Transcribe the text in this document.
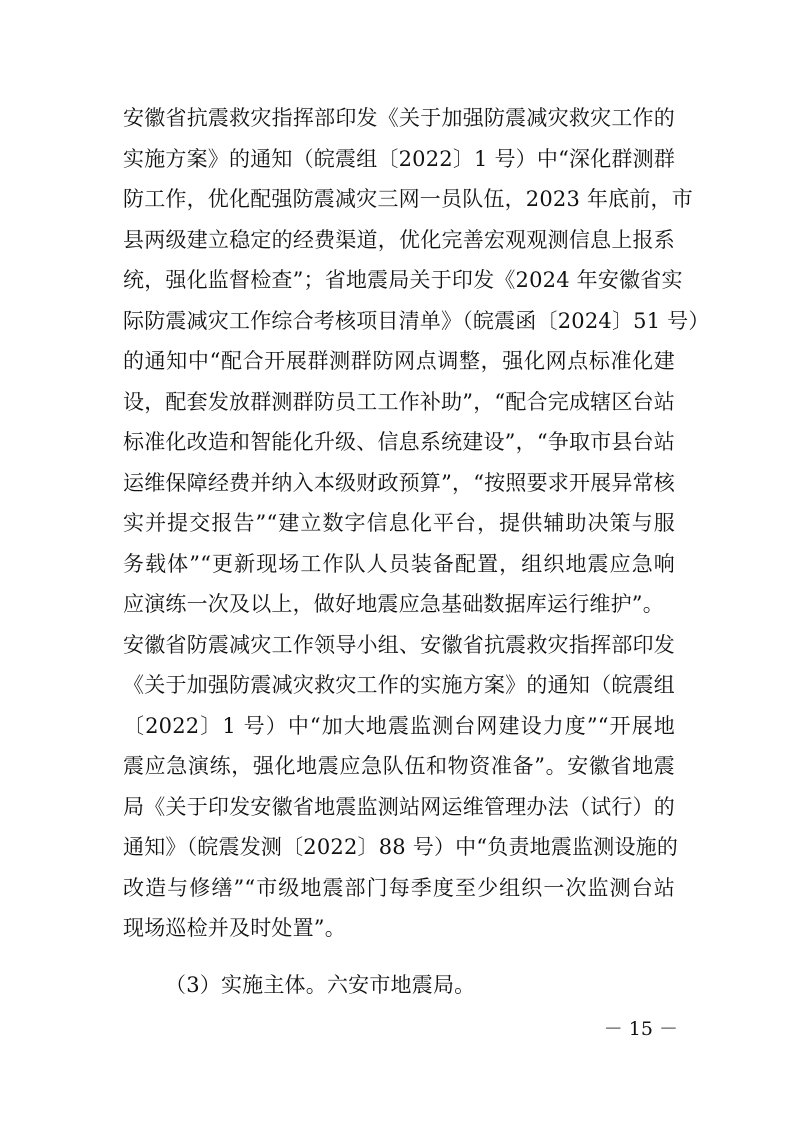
安徽省抗震救灾指挥部印发《关于加强防震减灾救灾工作的
实施方案》的通知（皖震组〔2022〕1 号）中“深化群测群
防工作，优化配强防震减灾三网一员队伍，2023 年底前，市
县两级建立稳定的经费渠道，优化完善宏观观测信息上报系
统，强化监督检查”；省地震局关于印发《2024 年安徽省实
际防震减灾工作综合考核项目清单》（皖震函〔2024〕51 号）
的通知中“配合开展群测群防网点调整，强化网点标准化建
设，配套发放群测群防员工工作补助”，“配合完成辖区台站
标准化改造和智能化升级、信息系统建设”，“争取市县台站
运维保障经费并纳入本级财政预算”，“按照要求开展异常核
实并提交报告”“建立数字信息化平台，提供辅助决策与服
务载体”“更新现场工作队人员装备配置，组织地震应急响
应演练一次及以上，做好地震应急基础数据库运行维护”。
安徽省防震减灾工作领导小组、安徽省抗震救灾指挥部印发
《关于加强防震减灾救灾工作的实施方案》的通知（皖震组
〔2022〕1 号）中“加大地震监测台网建设力度”“开展地
震应急演练，强化地震应急队伍和物资准备”。安徽省地震
局《关于印发安徽省地震监测站网运维管理办法（试行）的
通知》（皖震发测〔2022〕88 号）中“负责地震监测设施的
改造与修缮”“市级地震部门每季度至少组织一次监测台站
现场巡检并及时处置”。
（3）实施主体。六安市地震局。
－ 15 －
